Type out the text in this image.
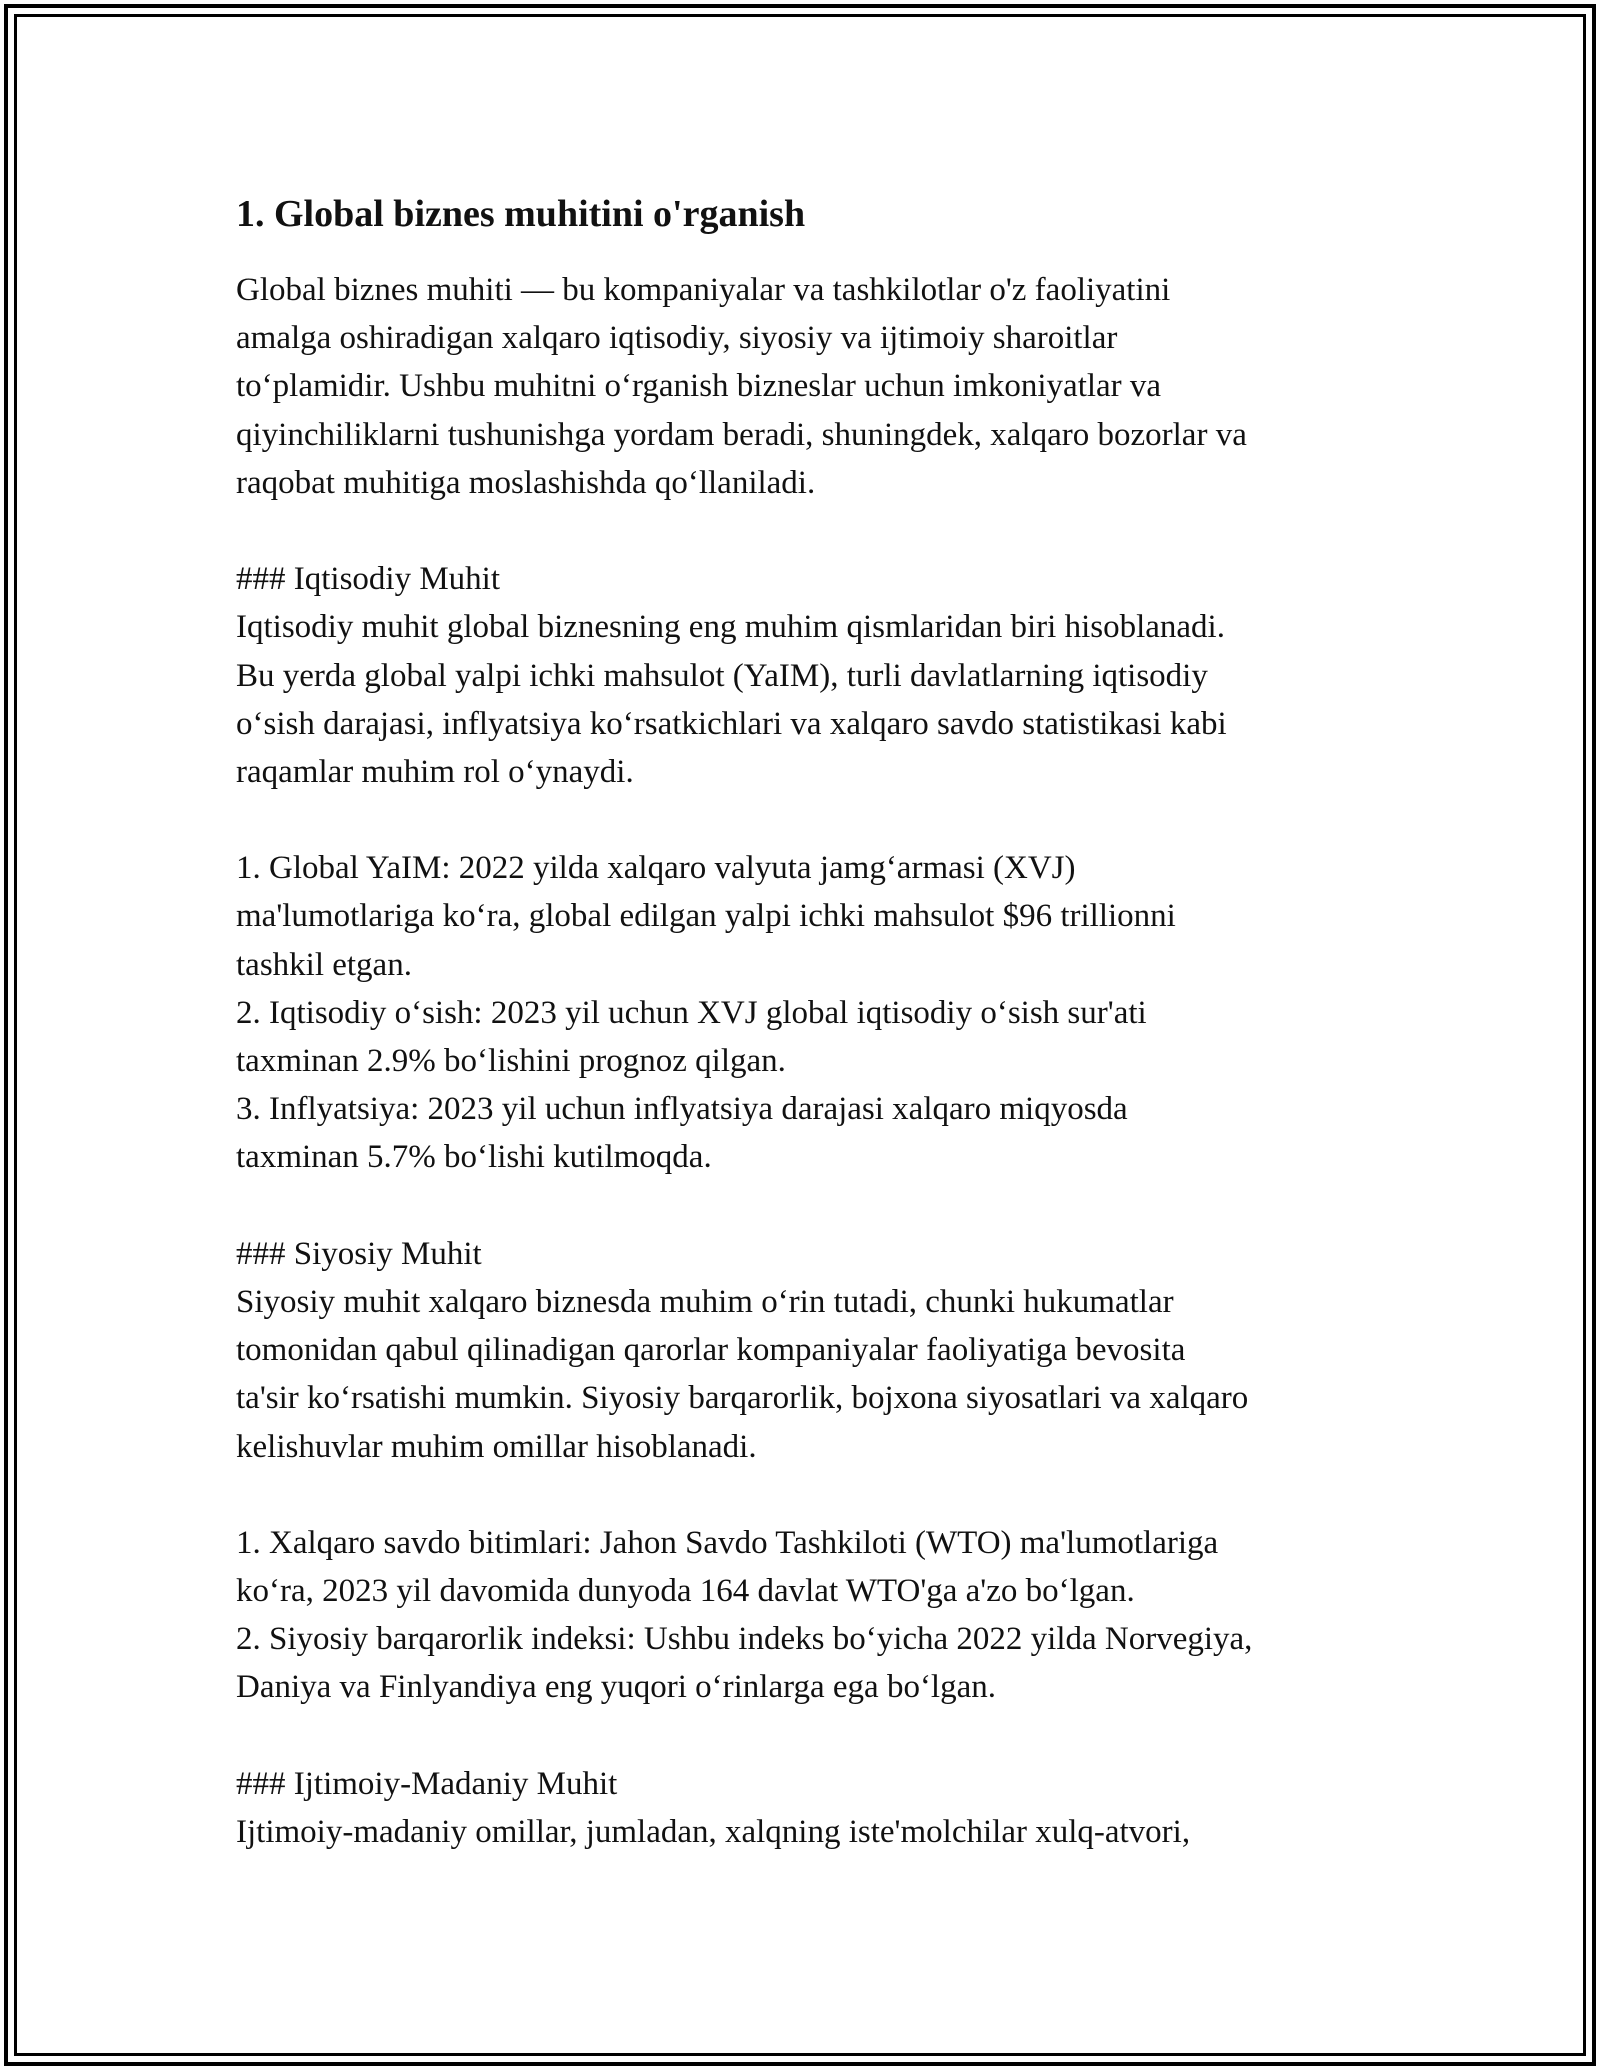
1. Global biznes muhitini o'rganish
Global biznes muhiti — bu kompaniyalar va tashkilotlar o'z faoliyatini
amalga oshiradigan xalqaro iqtisodiy, siyosiy va ijtimoiy sharoitlar
to‘plamidir. Ushbu muhitni o‘rganish bizneslar uchun imkoniyatlar va
qiyinchiliklarni tushunishga yordam beradi, shuningdek, xalqaro bozorlar va
raqobat muhitiga moslashishda qo‘llaniladi.
### Iqtisodiy Muhit
Iqtisodiy muhit global biznesning eng muhim qismlaridan biri hisoblanadi.
Bu yerda global yalpi ichki mahsulot (YaIM), turli davlatlarning iqtisodiy
o‘sish darajasi, inflyatsiya ko‘rsatkichlari va xalqaro savdo statistikasi kabi
raqamlar muhim rol o‘ynaydi.
1. Global YaIM: 2022 yilda xalqaro valyuta jamg‘armasi (XVJ)
ma'lumotlariga ko‘ra, global edilgan yalpi ichki mahsulot $96 trillionni
tashkil etgan.
2. Iqtisodiy o‘sish: 2023 yil uchun XVJ global iqtisodiy o‘sish sur'ati
taxminan 2.9% bo‘lishini prognoz qilgan.
3. Inflyatsiya: 2023 yil uchun inflyatsiya darajasi xalqaro miqyosda
taxminan 5.7% bo‘lishi kutilmoqda.
### Siyosiy Muhit
Siyosiy muhit xalqaro biznesda muhim o‘rin tutadi, chunki hukumatlar
tomonidan qabul qilinadigan qarorlar kompaniyalar faoliyatiga bevosita
ta'sir ko‘rsatishi mumkin. Siyosiy barqarorlik, bojxona siyosatlari va xalqaro
kelishuvlar muhim omillar hisoblanadi.
1. Xalqaro savdo bitimlari: Jahon Savdo Tashkiloti (WTO) ma'lumotlariga
ko‘ra, 2023 yil davomida dunyoda 164 davlat WTO'ga a'zo bo‘lgan.
2. Siyosiy barqarorlik indeksi: Ushbu indeks bo‘yicha 2022 yilda Norvegiya,
Daniya va Finlyandiya eng yuqori o‘rinlarga ega bo‘lgan.
### Ijtimoiy-Madaniy Muhit
Ijtimoiy-madaniy omillar, jumladan, xalqning iste'molchilar xulq-atvori,
